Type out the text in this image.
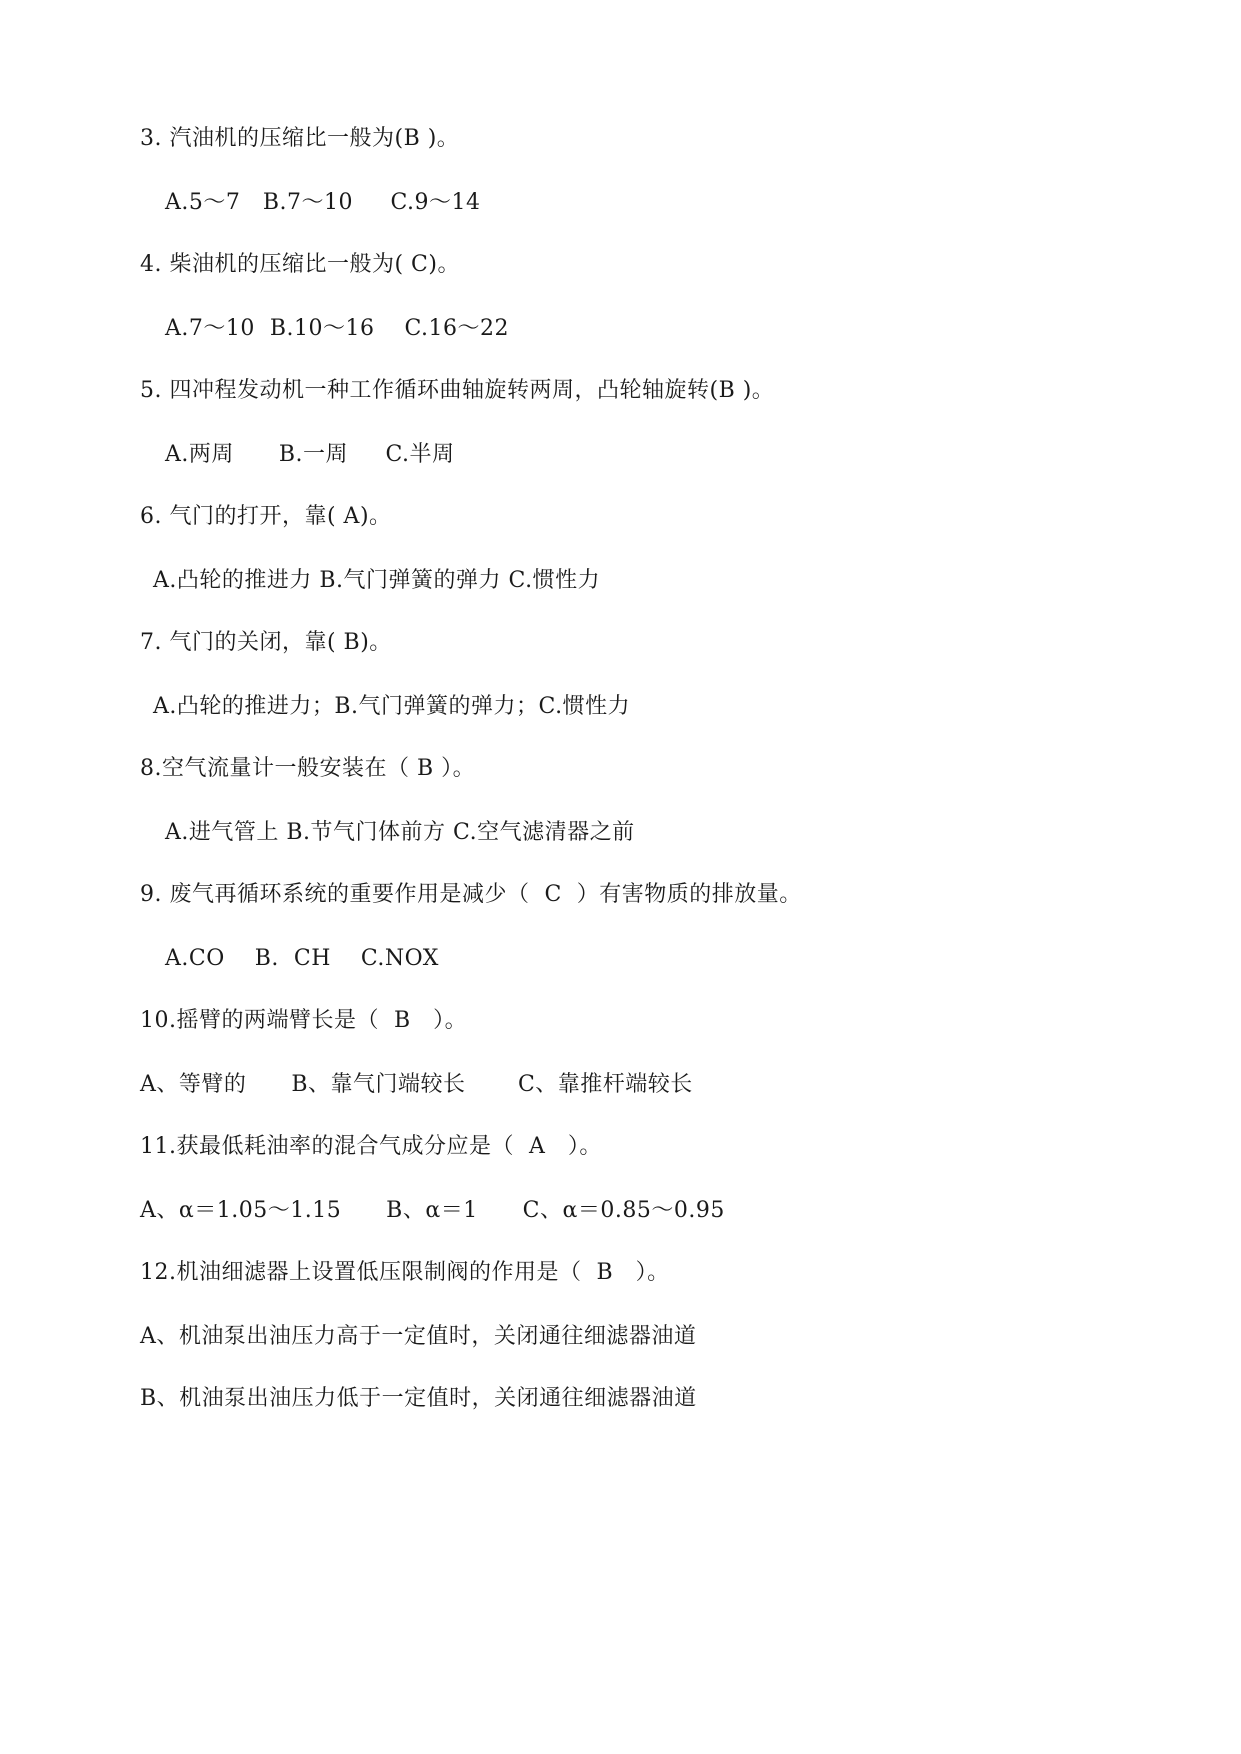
3. 汽油机的压缩比一般为(B )。
A.5～7   B.7～10     C.9～14
4. 柴油机的压缩比一般为( C)。
A.7～10  B.10～16    C.16～22
5. 四冲程发动机一种工作循环曲轴旋转两周，凸轮轴旋转(B )。
A.两周      B.一周     C.半周
6. 气门的打开，靠( A)。
A.凸轮的推进力 B.气门弹簧的弹力 C.惯性力
7. 气门的关闭，靠( B)。
A.凸轮的推进力；B.气门弹簧的弹力；C.惯性力
8.空气流量计一般安装在（ B ）。
A.进气管上 B.节气门体前方 C.空气滤清器之前
9. 废气再循环系统的重要作用是减少（  C  ）有害物质的排放量。
A.CO    B.  CH    C.NOX
10.摇臂的两端臂长是（  B   ）。
A、等臂的      B、靠气门端较长       C、靠推杆端较长
11.获最低耗油率的混合气成分应是（  A   ）。
A、α＝1.05～1.15      B、α＝1      C、α＝0.85～0.95
12.机油细滤器上设置低压限制阀的作用是（  B   ）。
A、机油泵出油压力高于一定值时，关闭通往细滤器油道
B、机油泵出油压力低于一定值时，关闭通往细滤器油道
